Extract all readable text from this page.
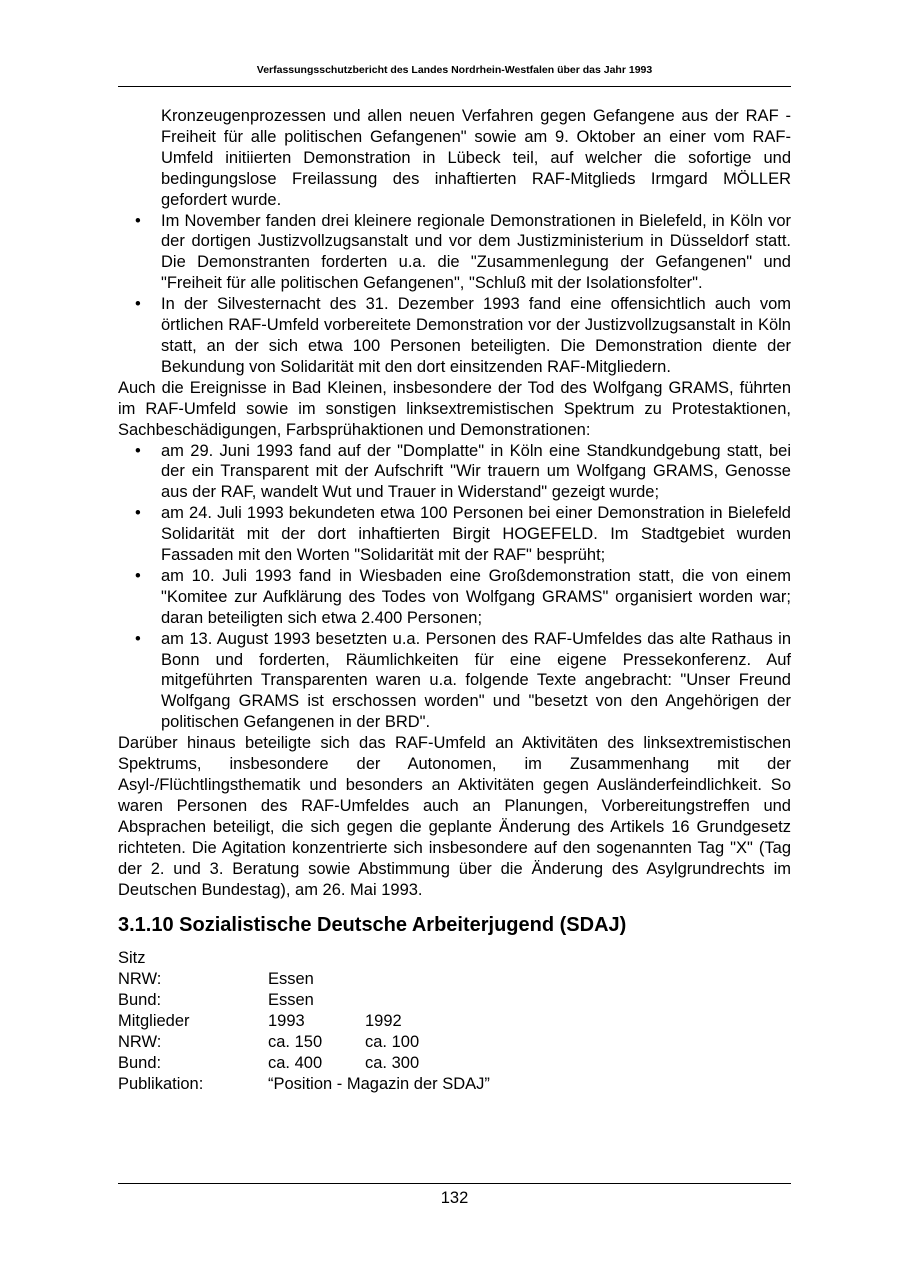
Verfassungsschutzbericht des Landes Nordrhein-Westfalen über das Jahr 1993
Kronzeugenprozessen und allen neuen Verfahren gegen Gefangene aus der RAF - Freiheit für alle politischen Gefangenen" sowie am 9. Oktober an einer vom RAF-Umfeld initiierten Demonstration in Lübeck teil, auf welcher die sofortige und bedingungslose Freilassung des inhaftierten RAF-Mitglieds Irmgard MÖLLER gefordert wurde.
• Im November fanden drei kleinere regionale Demonstrationen in Bielefeld, in Köln vor der dortigen Justizvollzugsanstalt und vor dem Justizministerium in Düsseldorf statt. Die Demonstranten forderten u.a. die "Zusammenlegung der Gefangenen" und "Freiheit für alle politischen Gefangenen", "Schluß mit der Isolationsfolter".
• In der Silvesternacht des 31. Dezember 1993 fand eine offensichtlich auch vom örtlichen RAF-Umfeld vorbereitete Demonstration vor der Justizvollzugsanstalt in Köln statt, an der sich etwa 100 Personen beteiligten. Die Demonstration diente der Bekundung von Solidarität mit den dort einsitzenden RAF-Mitgliedern.

Auch die Ereignisse in Bad Kleinen, insbesondere der Tod des Wolfgang GRAMS, führten im RAF-Umfeld sowie im sonstigen linksextremistischen Spektrum zu Protestaktionen, Sachbeschädigungen, Farbsprühaktionen und Demonstrationen:

• am 29. Juni 1993 fand auf der "Domplatte" in Köln eine Standkundgebung statt, bei der ein Transparent mit der Aufschrift "Wir trauern um Wolfgang GRAMS, Genosse aus der RAF, wandelt Wut und Trauer in Widerstand" gezeigt wurde;
• am 24. Juli 1993 bekundeten etwa 100 Personen bei einer Demonstration in Bielefeld Solidarität mit der dort inhaftierten Birgit HOGEFELD. Im Stadtgebiet wurden Fassaden mit den Worten "Solidarität mit der RAF" besprüht;
• am 10. Juli 1993 fand in Wiesbaden eine Großdemonstration statt, die von einem "Komitee zur Aufklärung des Todes von Wolfgang GRAMS" organisiert worden war; daran beteiligten sich etwa 2.400 Personen;
• am 13. August 1993 besetzten u.a. Personen des RAF-Umfeldes das alte Rathaus in Bonn und forderten, Räumlichkeiten für eine eigene Pressekonferenz. Auf mitgeführten Transparenten waren u.a. folgende Texte angebracht: "Unser Freund Wolfgang GRAMS ist erschossen worden" und "besetzt von den Angehörigen der politischen Gefangenen in der BRD".

Darüber hinaus beteiligte sich das RAF-Umfeld an Aktivitäten des linksextremistischen Spektrums, insbesondere der Autonomen, im Zusammenhang mit der Asyl-/Flüchtlingsthematik und besonders an Aktivitäten gegen Ausländerfeindlichkeit. So waren Personen des RAF-Umfeldes auch an Planungen, Vorbereitungstreffen und Absprachen beteiligt, die sich gegen die geplante Änderung des Artikels 16 Grundgesetz richteten. Die Agitation konzentrierte sich insbesondere auf den sogenannten Tag "X" (Tag der 2. und 3. Beratung sowie Abstimmung über die Änderung des Asylgrundrechts im Deutschen Bundestag), am 26. Mai 1993.

3.1.10 Sozialistische Deutsche Arbeiterjugend (SDAJ)
Sitz		
NRW:	Essen	
Bund:	Essen	
Mitglieder	1993	1992
NRW:	ca. 150	ca. 100
Bund:	ca. 400	ca. 300
Publikation:	“Position - Magazin der SDAJ”	
132
